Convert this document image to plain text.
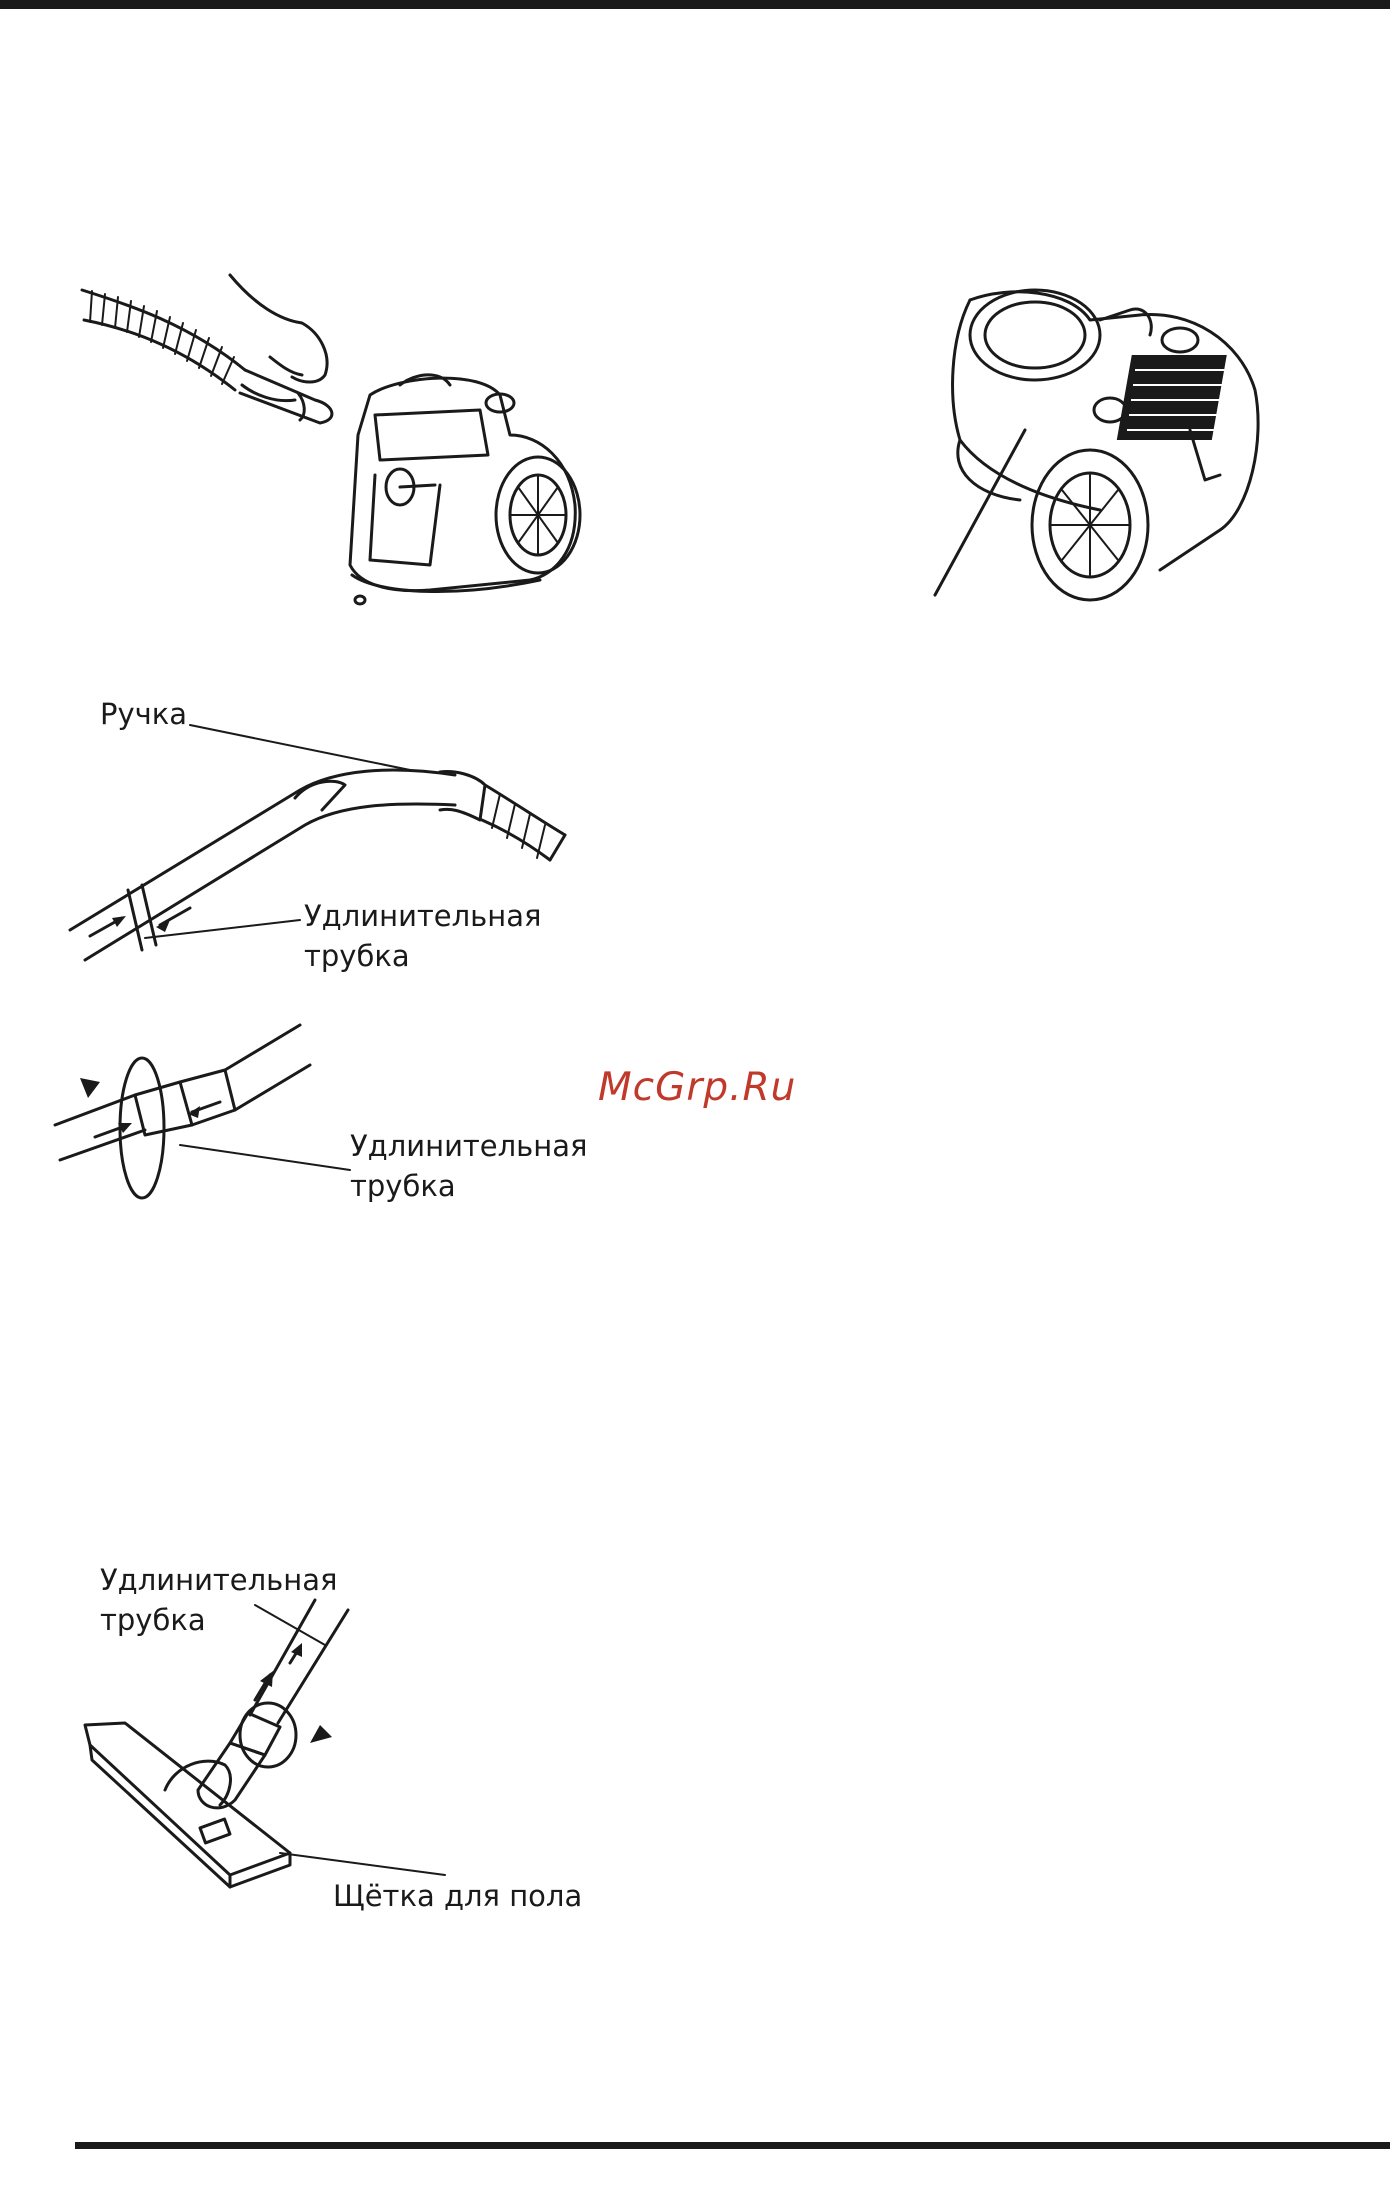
Ручка
Удлинительная
трубка
Удлинительная
трубка
Удлинительная
трубка
Щётка для пола
McGrp.Ru
